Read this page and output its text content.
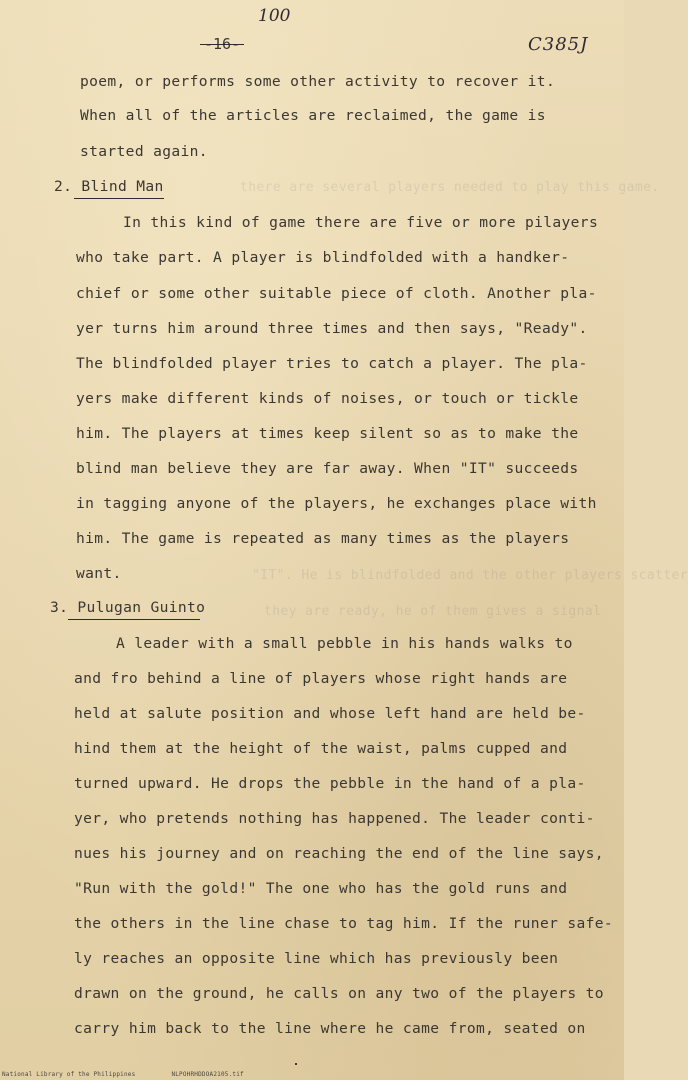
there are several players needed to play this game.
"IT". He is blindfolded and the other players scatter
they are ready, he of them gives a signal
100
-16-	C385J
poem, or performs some other activity to recover it.
When all of the articles are reclaimed, the game is
started again.
2. Blind Man
In this kind of game there are five or more pilayers
who take part. A player is blindfolded with a handker-
chief or some other suitable piece of cloth. Another pla-
yer turns him around three times and then says, "Ready".
The blindfolded player tries to catch a player. The pla-
yers make different kinds of noises, or touch or tickle
him. The players at times keep silent so as to make the
blind man believe they are far away. When "IT" succeeds
in tagging anyone of the players, he exchanges place with
him. The game is repeated as many times as the players
want.
3. Pulugan Guinto
A leader with a small pebble in his hands walks to
and fro behind a line of players whose right hands are
held at salute position and whose left hand are held be-
hind them at the height of the waist, palms cupped and
turned upward. He drops the pebble in the hand of a pla-
yer, who pretends nothing has happened. The leader conti-
nues his journey and on reaching the end of the line says,
"Run with the gold!" The one who has the gold runs and
the others in the line chase to tag him. If the runer safe-
ly reaches an opposite line which has previously been
drawn on the ground, he calls on any two of the players to
carry him back to the line where he came from, seated on
National Library of the Philippines	NLPOHRHDDOA2105.tif
